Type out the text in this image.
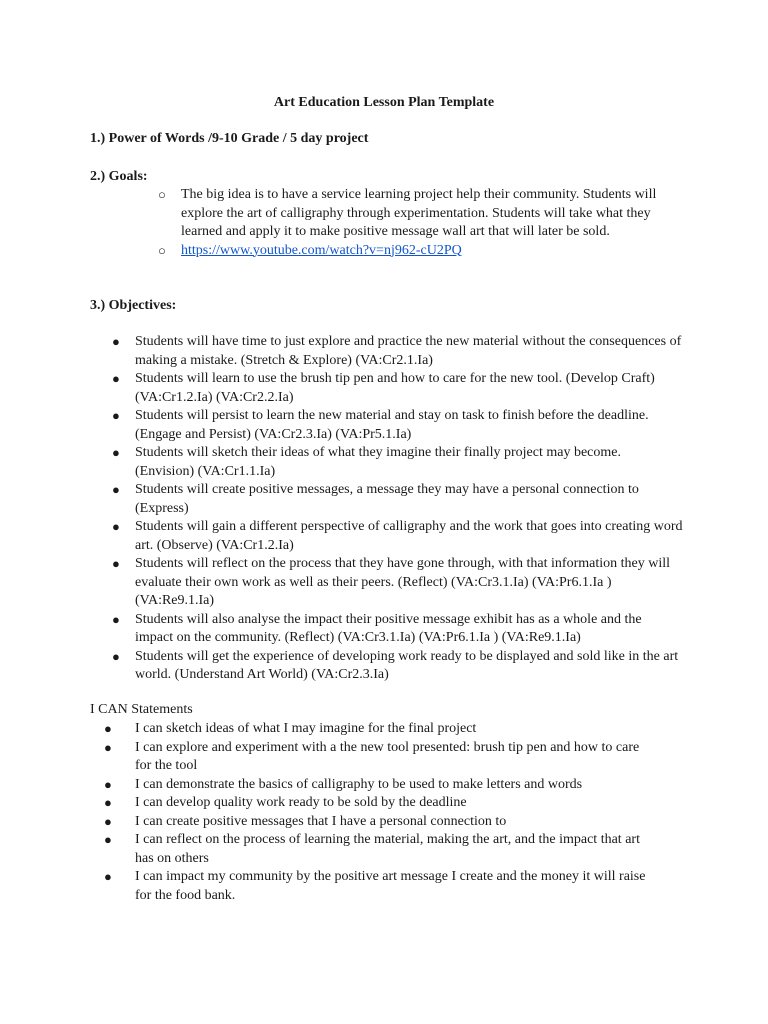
Art Education Lesson Plan Template
1.) Power of Words /9-10 Grade / 5 day project
2.) Goals:
○ The big idea is to have a service learning project help their community. Students will explore the art of calligraphy through experimentation. Students will take what they learned and apply it to make positive message wall art that will later be sold.
○ https://www.youtube.com/watch?v=nj962-cU2PQ
3.) Objectives:
● Students will have time to just explore and practice the new material without the consequences of making a mistake. (Stretch & Explore) (VA:Cr2.1.Ia)
● Students will learn to use the brush tip pen and how to care for the new tool. (Develop Craft) (VA:Cr1.2.Ia) (VA:Cr2.2.Ia)
● Students will persist to learn the new material and stay on task to finish before the deadline. (Engage and Persist) (VA:Cr2.3.Ia) (VA:Pr5.1.Ia)
● Students will sketch their ideas of what they imagine their finally project may become. (Envision) (VA:Cr1.1.Ia)
● Students will create positive messages, a message they may have a personal connection to (Express)
● Students will gain a different perspective of calligraphy and the work that goes into creating word art. (Observe) (VA:Cr1.2.Ia)
● Students will reflect on the process that they have gone through, with that information they will evaluate their own work as well as their peers. (Reflect) (VA:Cr3.1.Ia) (VA:Pr6.1.Ia ) (VA:Re9.1.Ia)
● Students will also analyse the impact their positive message exhibit has as a whole and the impact on the community. (Reflect) (VA:Cr3.1.Ia) (VA:Pr6.1.Ia ) (VA:Re9.1.Ia)
● Students will get the experience of developing work ready to be displayed and sold like in the art world. (Understand Art World) (VA:Cr2.3.Ia)
I CAN Statements
● I can sketch ideas of what I may imagine for the final project
● I can explore and experiment with a the new tool presented: brush tip pen and how to care for the tool
● I can demonstrate the basics of calligraphy to be used to make letters and words
● I can develop quality work ready to be sold by the deadline
● I can create positive messages that I have a personal connection to
● I can reflect on the process of learning the material, making the art, and the impact that art has on others
● I can impact my community by the positive art message I create and the money it will raise for the food bank.
